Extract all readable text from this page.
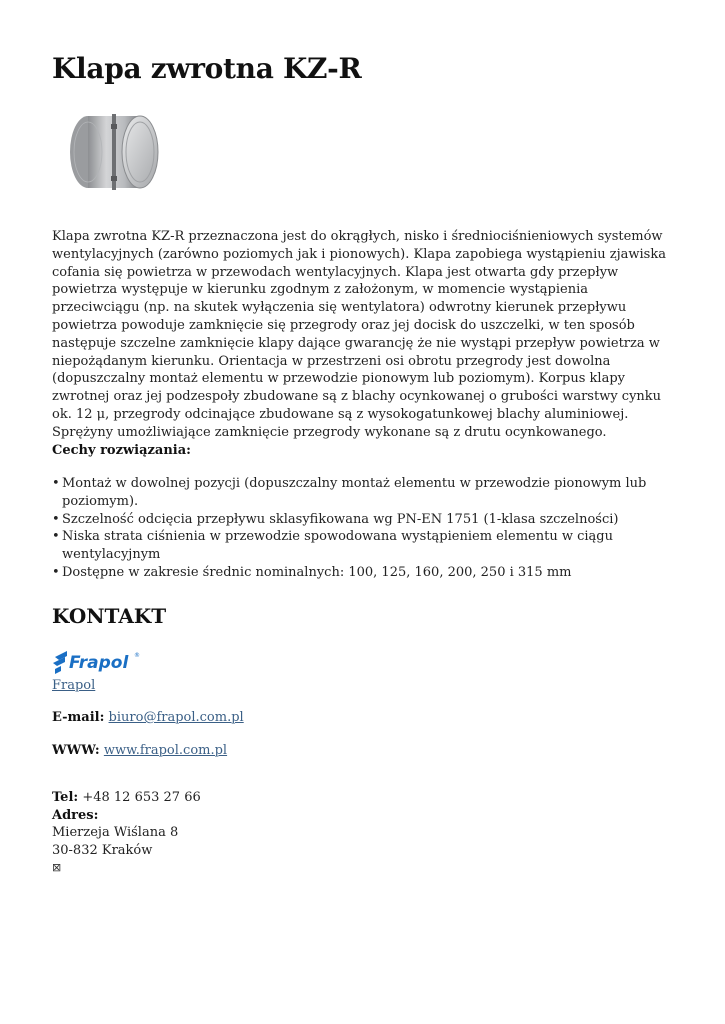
Klapa zwrotna KZ-R

Klapa zwrotna KZ-R przeznaczona jest do okrągłych, nisko i średniociśnieniowych systemów wentylacyjnych (zarówno poziomych jak i pionowych). Klapa zapobiega wystąpieniu zjawiska cofania się powietrza w przewodach wentylacyjnych. Klapa jest otwarta gdy przepływ powietrza występuje w kierunku zgodnym z założonym, w momencie wystąpienia przeciwciągu (np. na skutek wyłączenia się wentylatora) odwrotny kierunek przepływu powietrza powoduje zamknięcie się przegrody oraz jej docisk do uszczelki, w ten sposób następuje szczelne zamknięcie klapy dające gwarancję że nie wystąpi przepływ powietrza w niepożądanym kierunku. Orientacja w przestrzeni osi obrotu przegrody jest dowolna (dopuszczalny montaż elementu w przewodzie pionowym lub poziomym). Korpus klapy zwrotnej oraz jej podzespoły zbudowane są z blachy ocynkowanej o grubości warstwy cynku ok. 12 μ, przegrody odcinające zbudowane są z wysokogatunkowej blachy aluminiowej. Sprężyny umożliwiające zamknięcie przegrody wykonane są z drutu ocynkowanego.

Cechy rozwiązania:

• Montaż w dowolnej pozycji (dopuszczalny montaż elementu w przewodzie pionowym lub poziomym).
• Szczelność odcięcia przepływu sklasyfikowana wg PN-EN 1751 (1-klasa szczelności)
• Niska strata ciśnienia w przewodzie spowodowana wystąpieniem elementu w ciągu wentylacyjnym
• Dostępne w zakresie średnic nominalnych: 100, 125, 160, 200, 250 i 315 mm
KONTAKT
Frapol ®
Frapol
E-mail: biuro@frapol.com.pl
WWW: www.frapol.com.pl
Tel: +48 12 653 27 66
Adres:
Mierzeja Wiślana 8
30-832 Kraków
⊠
